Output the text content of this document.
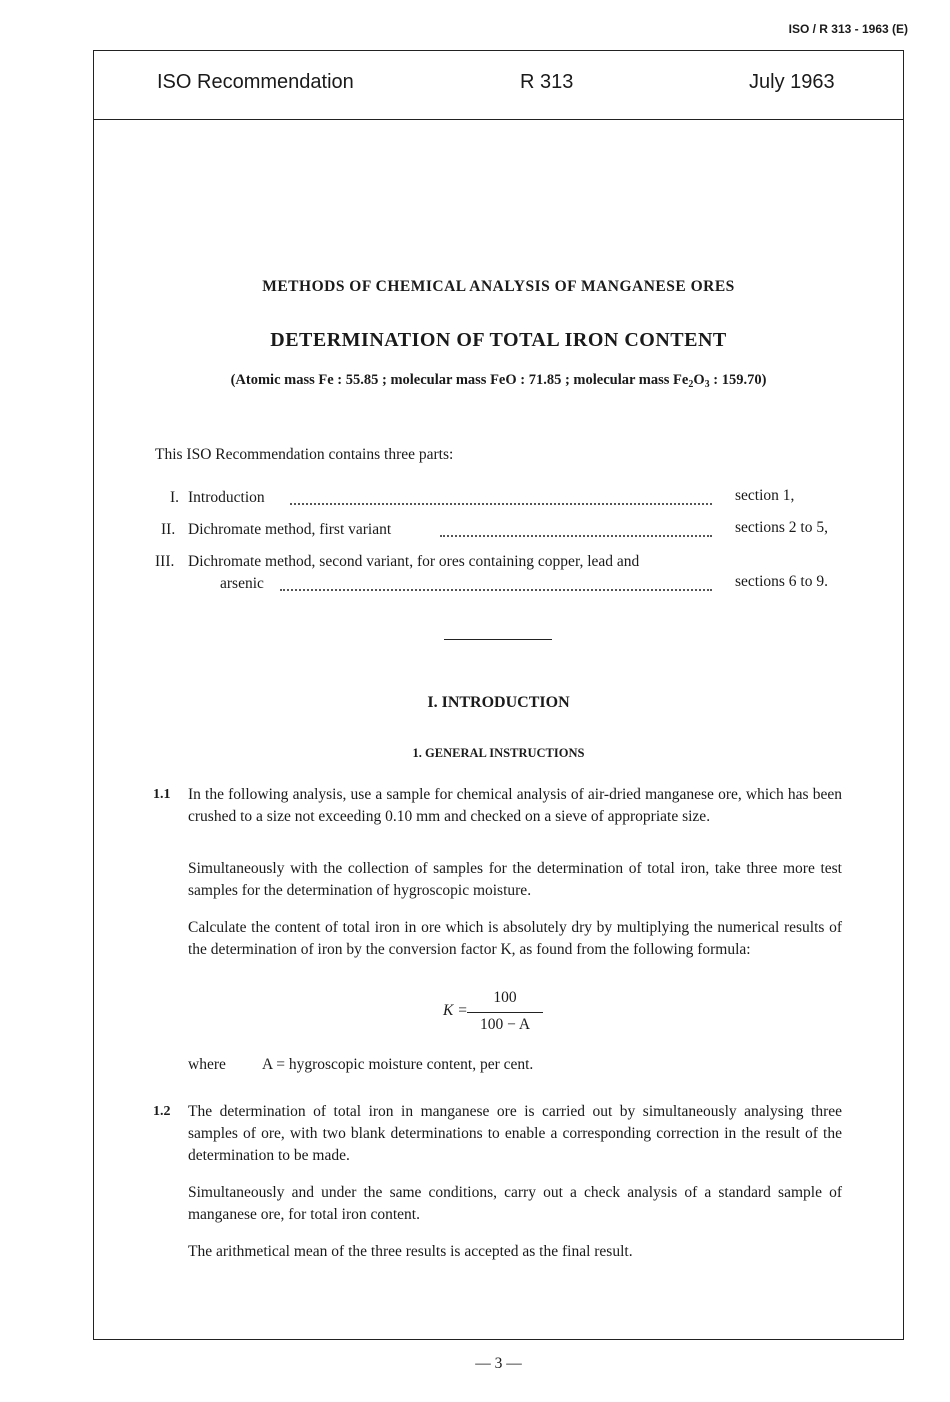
ISO / R 313 - 1963 (E)
ISO Recommendation	R 313	July 1963
METHODS OF CHEMICAL ANALYSIS OF MANGANESE ORES
DETERMINATION OF TOTAL IRON CONTENT
(Atomic mass Fe : 55.85 ; molecular mass FeO : 71.85 ; molecular mass $Fe_2O_3$ : 159.70)
This ISO Recommendation contains three parts:
I. Introduction	section 1,
II. Dichromate method, first variant	sections 2 to 5,
III. Dichromate method, second variant, for ores containing copper, lead and
arsenic	sections 6 to 9.
I. INTRODUCTION
1. GENERAL INSTRUCTIONS
1.1 In the following analysis, use a sample for chemical analysis of air-dried manganese ore, which has been crushed to a size not exceeding 0.10 mm and checked on a sieve of appropriate size.
Simultaneously with the collection of samples for the determination of total iron, take three more test samples for the determination of hygroscopic moisture.
Calculate the content of total iron in ore which is absolutely dry by multiplying the numerical results of the determination of iron by the conversion factor K, as found from the following formula:
K =
100
100 − A
where A = hygroscopic moisture content, per cent.
1.2 The determination of total iron in manganese ore is carried out by simultaneously analysing three samples of ore, with two blank determinations to enable a corresponding correction in the result of the determination to be made.
Simultaneously and under the same conditions, carry out a check analysis of a standard sample of manganese ore, for total iron content.
The arithmetical mean of the three results is accepted as the final result.
— 3 —
